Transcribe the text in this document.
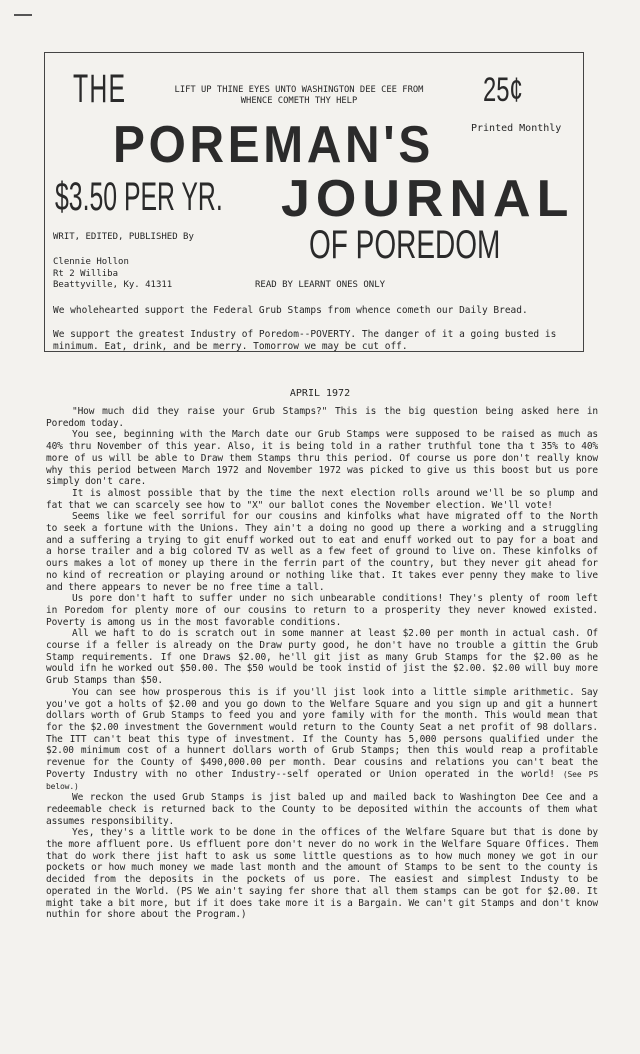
THE	LIFT UP THINE EYES UNTO WASHINGTON DEE CEE FROM
WHENCE COMETH THY HELP	25¢
Printed Monthly
POREMAN'S
$3.50 PER YR. JOURNAL
WRIT, EDITED, PUBLISHED By	OF POREDOM
Clennie Hollon
Rt 2 Williba
Beattyville, Ky. 41311	READ BY LEARNT ONES ONLY
We wholehearted support the Federal Grub Stamps from whence cometh our Daily Bread.
We support the greatest Industry of Poredom--POVERTY. The danger of it a going busted is minimum. Eat, drink, and be merry. Tomorrow we may be cut off.
APRIL 1972

"How much did they raise your Grub Stamps?" This is the big question being asked here in Poredom today.

You see, beginning with the March date our Grub Stamps were supposed to be raised as much as 40% thru November of this year. Also, it is being told in a rather truthful tone tha t 35% to 40% more of us will be able to Draw them Stamps thru this period. Of course us pore don't really know why this period between March 1972 and November 1972 was picked to give us this boost but us pore simply don't care.

It is almost possible that by the time the next election rolls around we'll be so plump and fat that we can scarcely see how to "X" our ballot cones the November election. We'll vote!

Seems like we feel sorriful for our cousins and kinfolks what have migrated off to the North to seek a fortune with the Unions. They ain't a doing no good up there a working and a struggling and a suffering a trying to git enuff worked out to eat and enuff worked out to pay for a boat and a horse trailer and a big colored TV as well as a few feet of ground to live on. These kinfolks of ours makes a lot of money up there in the ferrin part of the country, but they never git ahead for no kind of recreation or playing around or nothing like that. It takes ever penny they make to live and there appears to never be no free time a tall.

Us pore don't haft to suffer under no sich unbearable conditions! They's plenty of room left in Poredom for plenty more of our cousins to return to a prosperity they never knowed existed. Poverty is among us in the most favorable conditions.

All we haft to do is scratch out in some manner at least $2.00 per month in actual cash. Of course if a feller is already on the Draw purty good, he don't have no trouble a gittin the Grub Stamp requirements. If one Draws $2.00, he'll git jist as many Grub Stamps for the $2.00 as he would ifn he worked out $50.00. The $50 would be took instid of jist the $2.00. $2.00 will buy more Grub Stamps than $50.

You can see how prosperous this is if you'll jist look into a little simple arithmetic. Say you've got a holts of $2.00 and you go down to the Welfare Square and you sign up and git a hunnert dollars worth of Grub Stamps to feed you and yore family with for the month. This would mean that for the $2.00 investment the Government would return to the County Seat a net profit of 98 dollars. The ITT can't beat this type of investment. If the County has 5,000 persons qualified under the $2.00 minimum cost of a hunnert dollars worth of Grub Stamps; then this would reap a profitable revenue for the County of $490,000.00 per month. Dear cousins and relations you can't beat the Poverty Industry with no other Industry--self operated or Union operated in the world! (See PS below.)

We reckon the used Grub Stamps is jist baled up and mailed back to Washington Dee Cee and a redeemable check is returned back to the County to be deposited within the accounts of them what assumes responsibility.

Yes, they's a little work to be done in the offices of the Welfare Square but that is done by the more affluent pore. Us effluent pore don't never do no work in the Welfare Square Offices. Them that do work there jist haft to ask us some little questions as to how much money we got in our pockets or how much money we made last month and the amount of Stamps to be sent to the county is decided from the deposits in the pockets of us pore. The easiest and simplest Industy to be operated in the World. (PS We ain't saying fer shore that all them stamps can be got for $2.00. It might take a bit more, but if it does take more it is a Bargain. We can't git Stamps and don't know nuthin for shore about the Program.)
